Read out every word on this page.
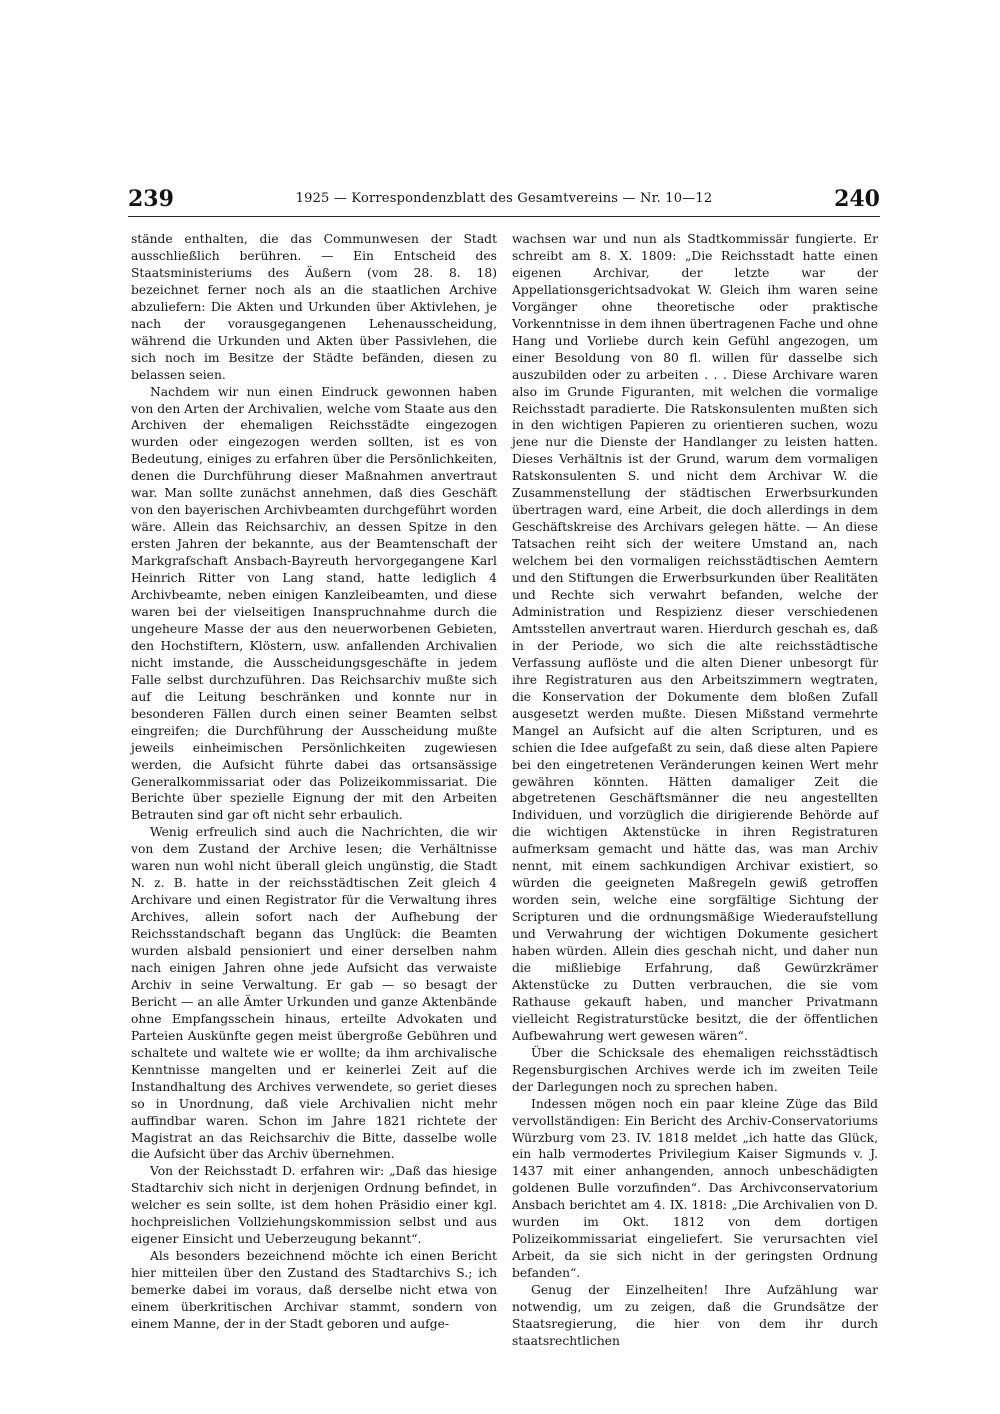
239	1925 — Korrespondenzblatt des Gesamtvereins — Nr. 10—12	240

stände enthalten, die das Communwesen der Stadt ausschließlich berühren. — Ein Entscheid des Staatsministeriums des Äußern (vom 28. 8. 18) bezeichnet ferner noch als an die staatlichen Archive abzuliefern: Die Akten und Urkunden über Aktivlehen, je nach der vorausgegangenen Lehenausscheidung, während die Urkunden und Akten über Passivlehen, die sich noch im Besitze der Städte befänden, diesen zu belassen seien.

Nachdem wir nun einen Eindruck gewonnen haben von den Arten der Archivalien, welche vom Staate aus den Archiven der ehemaligen Reichsstädte eingezogen wurden oder eingezogen werden sollten, ist es von Bedeutung, einiges zu erfahren über die Persönlichkeiten, denen die Durchführung dieser Maßnahmen anvertraut war. Man sollte zunächst annehmen, daß dies Geschäft von den bayerischen Archivbeamten durchgeführt worden wäre. Allein das Reichsarchiv, an dessen Spitze in den ersten Jahren der bekannte, aus der Beamtenschaft der Markgrafschaft Ansbach-Bayreuth hervorgegangene Karl Heinrich Ritter von Lang stand, hatte lediglich 4 Archivbeamte, neben einigen Kanzleibeamten, und diese waren bei der vielseitigen Inanspruchnahme durch die ungeheure Masse der aus den neuerworbenen Gebieten, den Hochstiftern, Klöstern, usw. anfallenden Archivalien nicht imstande, die Ausscheidungsgeschäfte in jedem Falle selbst durchzuführen. Das Reichsarchiv mußte sich auf die Leitung beschränken und konnte nur in besonderen Fällen durch einen seiner Beamten selbst eingreifen; die Durchführung der Ausscheidung mußte jeweils einheimischen Persönlichkeiten zugewiesen werden, die Aufsicht führte dabei das ortsansässige Generalkommissariat oder das Polizeikommissariat. Die Berichte über spezielle Eignung der mit den Arbeiten Betrauten sind gar oft nicht sehr erbaulich.

Wenig erfreulich sind auch die Nachrichten, die wir von dem Zustand der Archive lesen; die Verhältnisse waren nun wohl nicht überall gleich ungünstig, die Stadt N. z. B. hatte in der reichsstädtischen Zeit gleich 4 Archivare und einen Registrator für die Verwaltung ihres Archives, allein sofort nach der Aufhebung der Reichsstandschaft begann das Unglück: die Beamten wurden alsbald pensioniert und einer derselben nahm nach einigen Jahren ohne jede Aufsicht das verwaiste Archiv in seine Verwaltung. Er gab — so besagt der Bericht — an alle Ämter Urkunden und ganze Aktenbände ohne Empfangsschein hinaus, erteilte Advokaten und Parteien Auskünfte gegen meist übergroße Gebühren und schaltete und waltete wie er wollte; da ihm archivalische Kenntnisse mangelten und er keinerlei Zeit auf die Instandhaltung des Archives verwendete, so geriet dieses so in Unordnung, daß viele Archivalien nicht mehr auffindbar waren. Schon im Jahre 1821 richtete der Magistrat an das Reichsarchiv die Bitte, dasselbe wolle die Aufsicht über das Archiv übernehmen.

Von der Reichsstadt D. erfahren wir: „Daß das hiesige Stadtarchiv sich nicht in derjenigen Ordnung befindet, in welcher es sein sollte, ist dem hohen Präsidio einer kgl. hochpreislichen Vollziehungskommission selbst und aus eigener Einsicht und Ueberzeugung bekannt“.

Als besonders bezeichnend möchte ich einen Bericht hier mitteilen über den Zustand des Stadtarchivs S.; ich bemerke dabei im voraus, daß derselbe nicht etwa von einem überkritischen Archivar stammt, sondern von einem Manne, der in der Stadt geboren und aufge-

wachsen war und nun als Stadtkommissär fungierte. Er schreibt am 8. X. 1809: „Die Reichsstadt hatte einen eigenen Archivar, der letzte war der Appellationsgerichtsadvokat W. Gleich ihm waren seine Vorgänger ohne theoretische oder praktische Vorkenntnisse in dem ihnen übertragenen Fache und ohne Hang und Vorliebe durch kein Gefühl angezogen, um einer Besoldung von 80 fl. willen für dasselbe sich auszubilden oder zu arbeiten . . . Diese Archivare waren also im Grunde Figuranten, mit welchen die vormalige Reichsstadt paradierte. Die Ratskonsulenten mußten sich in den wichtigen Papieren zu orientieren suchen, wozu jene nur die Dienste der Handlanger zu leisten hatten. Dieses Verhältnis ist der Grund, warum dem vormaligen Ratskonsulenten S. und nicht dem Archivar W. die Zusammenstellung der städtischen Erwerbsurkunden übertragen ward, eine Arbeit, die doch allerdings in dem Geschäftskreise des Archivars gelegen hätte. — An diese Tatsachen reiht sich der weitere Umstand an, nach welchem bei den vormaligen reichsstädtischen Aemtern und den Stiftungen die Erwerbsurkunden über Realitäten und Rechte sich verwahrt befanden, welche der Administration und Respizienz dieser verschiedenen Amtsstellen anvertraut waren. Hierdurch geschah es, daß in der Periode, wo sich die alte reichsstädtische Verfassung auflöste und die alten Diener unbesorgt für ihre Registraturen aus den Arbeitszimmern wegtraten, die Konservation der Dokumente dem bloßen Zufall ausgesetzt werden mußte. Diesen Mißstand vermehrte Mangel an Aufsicht auf die alten Scripturen, und es schien die Idee aufgefaßt zu sein, daß diese alten Papiere bei den eingetretenen Veränderungen keinen Wert mehr gewähren könnten. Hätten damaliger Zeit die abgetretenen Geschäftsmänner die neu angestellten Individuen, und vorzüglich die dirigierende Behörde auf die wichtigen Aktenstücke in ihren Registraturen aufmerksam gemacht und hätte das, was man Archiv nennt, mit einem sachkundigen Archivar existiert, so würden die geeigneten Maßregeln gewiß getroffen worden sein, welche eine sorgfältige Sichtung der Scripturen und die ordnungsmäßige Wiederaufstellung und Verwahrung der wichtigen Dokumente gesichert haben würden. Allein dies geschah nicht, und daher nun die mißliebige Erfahrung, daß Gewürzkrämer Aktenstücke zu Dutten verbrauchen, die sie vom Rathause gekauft haben, und mancher Privatmann vielleicht Registraturstücke besitzt, die der öffentlichen Aufbewahrung wert gewesen wären“.

Über die Schicksale des ehemaligen reichsstädtisch Regensburgischen Archives werde ich im zweiten Teile der Darlegungen noch zu sprechen haben.

Indessen mögen noch ein paar kleine Züge das Bild vervollständigen: Ein Bericht des Archiv-Conservatoriums Würzburg vom 23. IV. 1818 meldet „ich hatte das Glück, ein halb vermodertes Privilegium Kaiser Sigmunds v. J. 1437 mit einer anhangenden, annoch unbeschädigten goldenen Bulle vorzufinden“. Das Archivconservatorium Ansbach berichtet am 4. IX. 1818: „Die Archivalien von D. wurden im Okt. 1812 von dem dortigen Polizeikommissariat eingeliefert. Sie verursachten viel Arbeit, da sie sich nicht in der geringsten Ordnung befanden“.

Genug der Einzelheiten! Ihre Aufzählung war notwendig, um zu zeigen, daß die Grundsätze der Staatsregierung, die hier von dem ihr durch staatsrechtlichen
